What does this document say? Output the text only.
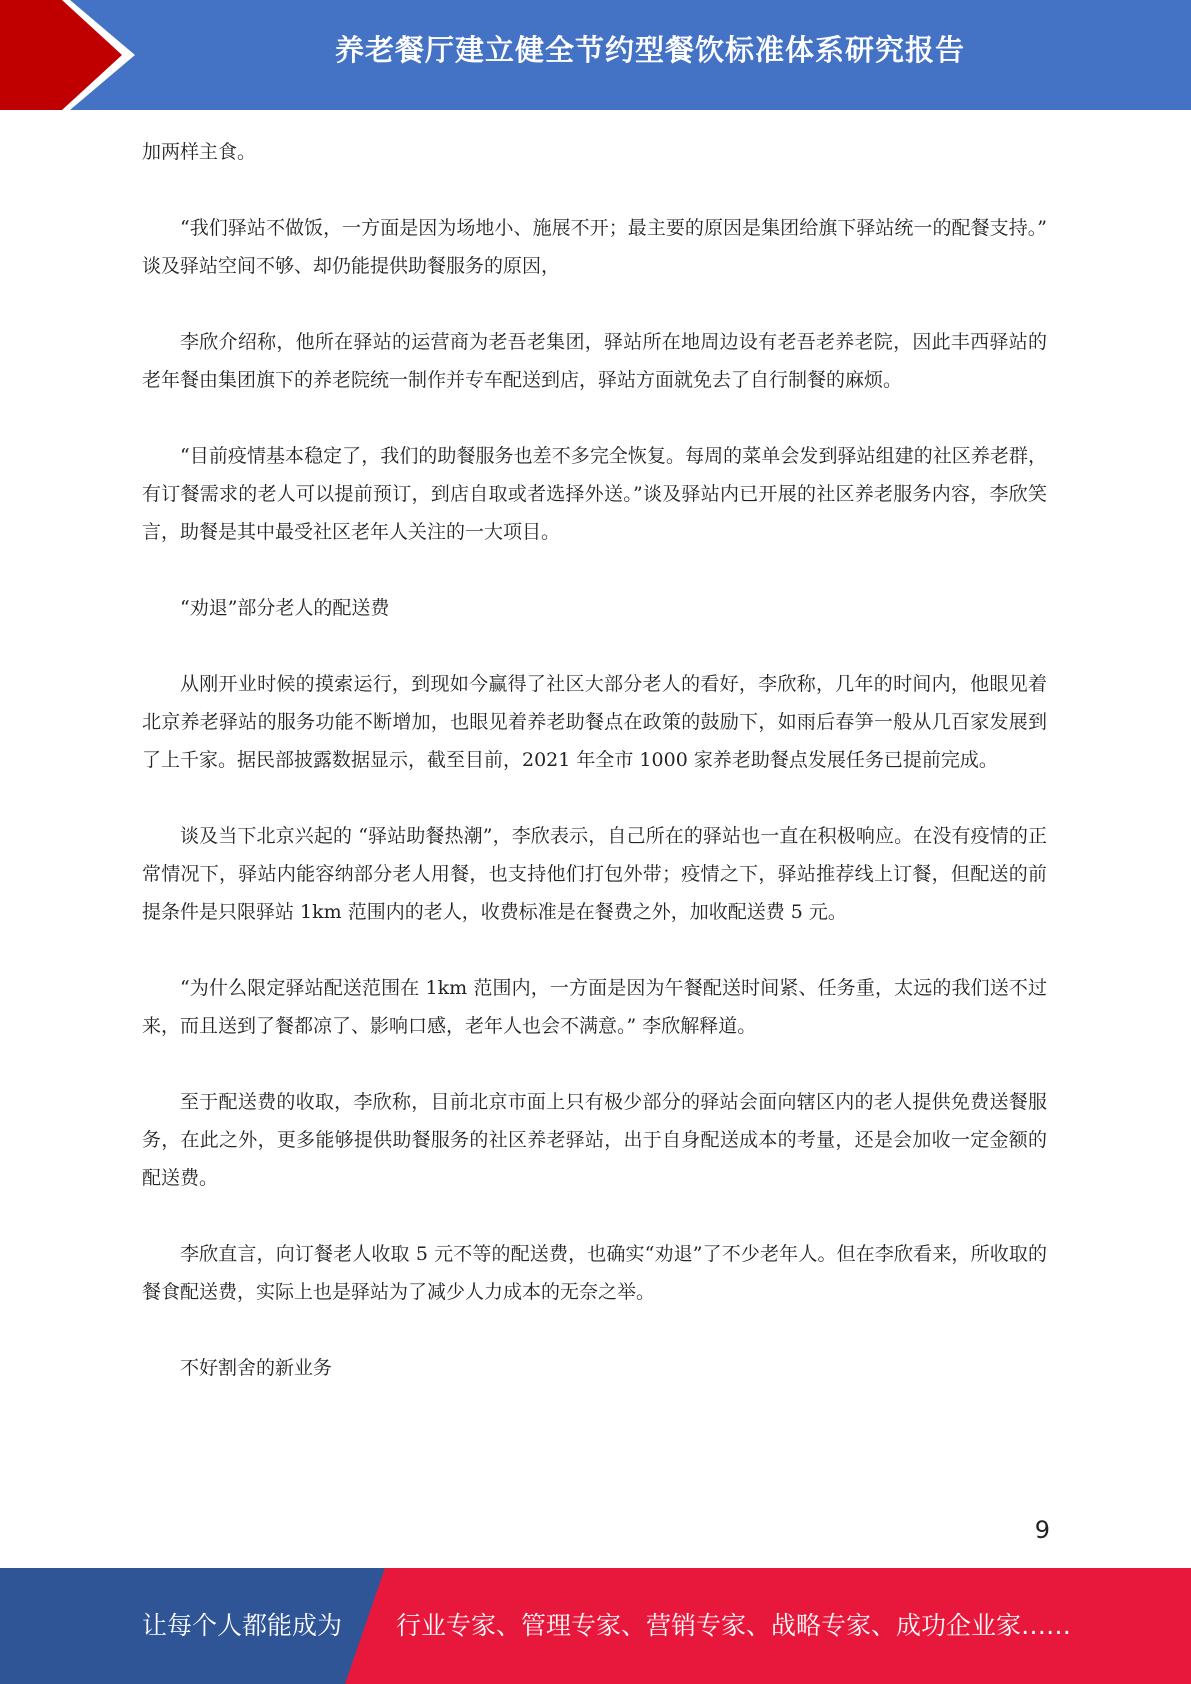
养老餐厅建立健全节约型餐饮标准体系研究报告

加两样主食。

“我们驿站不做饭，一方面是因为场地小、施展不开；最主要的原因是集团给旗下驿站统一的配餐支持。” 谈及驿站空间不够、却仍能提供助餐服务的原因，

李欣介绍称，他所在驿站的运营商为老吾老集团，驿站所在地周边设有老吾老养老院，因此丰西驿站的老年餐由集团旗下的养老院统一制作并专车配送到店，驿站方面就免去了自行制餐的麻烦。

“目前疫情基本稳定了，我们的助餐服务也差不多完全恢复。每周的菜单会发到驿站组建的社区养老群，有订餐需求的老人可以提前预订，到店自取或者选择外送。”谈及驿站内已开展的社区养老服务内容，李欣笑言，助餐是其中最受社区老年人关注的一大项目。

“劝退”部分老人的配送费

从刚开业时候的摸索运行，到现如今赢得了社区大部分老人的看好，李欣称，几年的时间内，他眼见着北京养老驿站的服务功能不断增加，也眼见着养老助餐点在政策的鼓励下，如雨后春笋一般从几百家发展到了上千家。据民部披露数据显示，截至目前，2021 年全市 1000 家养老助餐点发展任务已提前完成。

谈及当下北京兴起的 “驿站助餐热潮”，李欣表示，自己所在的驿站也一直在积极响应。在没有疫情的正常情况下，驿站内能容纳部分老人用餐，也支持他们打包外带；疫情之下，驿站推荐线上订餐，但配送的前提条件是只限驿站 1km 范围内的老人，收费标准是在餐费之外，加收配送费 5 元。

“为什么限定驿站配送范围在 1km 范围内，一方面是因为午餐配送时间紧、任务重，太远的我们送不过来，而且送到了餐都凉了、影响口感，老年人也会不满意。” 李欣解释道。

至于配送费的收取，李欣称，目前北京市面上只有极少部分的驿站会面向辖区内的老人提供免费送餐服务，在此之外，更多能够提供助餐服务的社区养老驿站，出于自身配送成本的考量，还是会加收一定金额的配送费。

李欣直言，向订餐老人收取 5 元不等的配送费，也确实“劝退”了不少老年人。但在李欣看来，所收取的餐食配送费，实际上也是驿站为了减少人力成本的无奈之举。

不好割舍的新业务

9
让每个人都能成为 行业专家、管理专家、营销专家、战略专家、成功企业家……
